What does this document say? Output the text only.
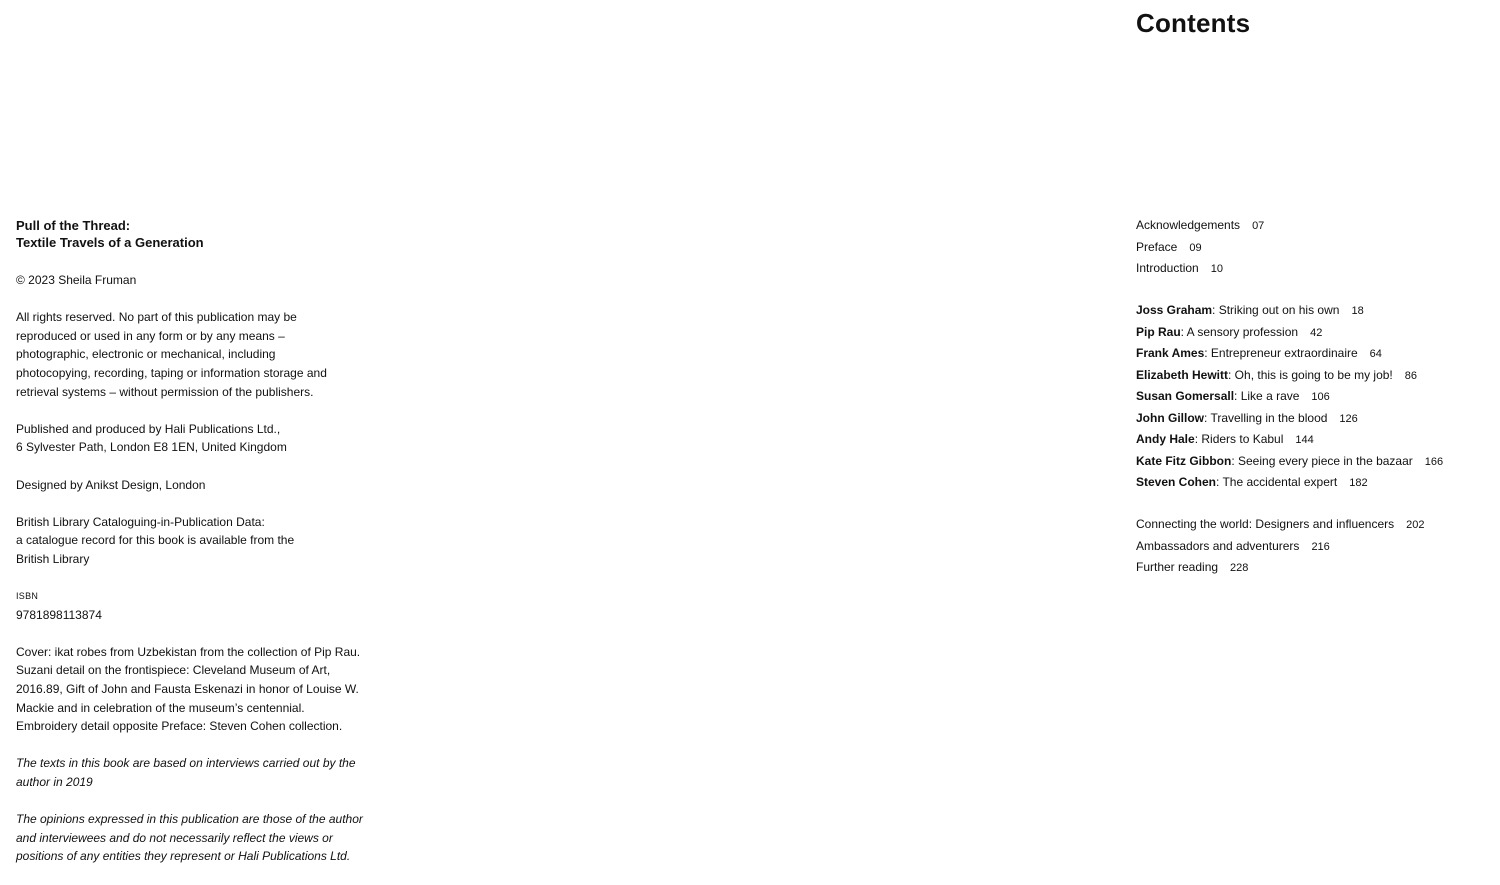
Pull of the Thread:
Textile Travels of a Generation
© 2023 Sheila Fruman
All rights reserved. No part of this publication may be
reproduced or used in any form or by any means –
photographic, electronic or mechanical, including
photocopying, recording, taping or information storage and
retrieval systems – without permission of the publishers.
Published and produced by Hali Publications Ltd.,
6 Sylvester Path, London E8 1EN, United Kingdom
Designed by Anikst Design, London
British Library Cataloguing-in-Publication Data:
a catalogue record for this book is available from the
British Library
ISBN
9781898113874
Cover: ikat robes from Uzbekistan from the collection of Pip Rau.
Suzani detail on the frontispiece: Cleveland Museum of Art,
2016.89, Gift of John and Fausta Eskenazi in honor of Louise W.
Mackie and in celebration of the museum’s centennial.
Embroidery detail opposite Preface: Steven Cohen collection.
The texts in this book are based on interviews carried out by the
author in 2019
The opinions expressed in this publication are those of the author
and interviewees and do not necessarily reflect the views or
positions of any entities they represent or Hali Publications Ltd.
Contents
Acknowledgements 07
Preface 09
Introduction 10
Joss Graham: Striking out on his own 18
Pip Rau: A sensory profession 42
Frank Ames: Entrepreneur extraordinaire 64
Elizabeth Hewitt: Oh, this is going to be my job! 86
Susan Gomersall: Like a rave 106
John Gillow: Travelling in the blood 126
Andy Hale: Riders to Kabul 144
Kate Fitz Gibbon: Seeing every piece in the bazaar 166
Steven Cohen: The accidental expert 182
Connecting the world: Designers and influencers 202
Ambassadors and adventurers 216
Further reading 228
